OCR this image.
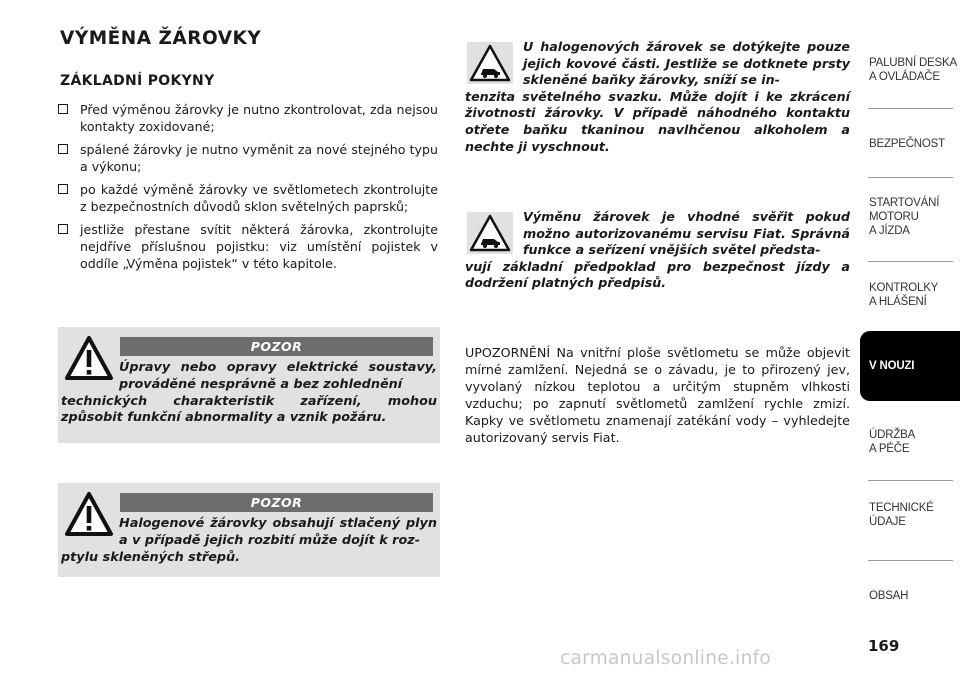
VÝMĚNA ŽÁROVKY
ZÁKLADNÍ POKYNY
Před výměnou žárovky je nutno zkontrolovat, zda nejsou kontakty zoxidované;
spálené žárovky je nutno vyměnit za nové stejného typu a výkonu;
po každé výměně žárovky ve světlometech zkontrolujte z bezpečnostních důvodů sklon světelných paprsků;
jestliže přestane svítit některá žárovka, zkontrolujte nejdříve příslušnou pojistku: viz umístění pojistek v oddíle „Výměna pojistek“ v této kapitole.
POZOR

Úpravy nebo opravy elektrické soustavy, prováděné nesprávně a bez zohlednění
technických charakteristik zařízení, mohou způsobit funkční abnormality a vznik požáru.

POZOR

Halogenové žárovky obsahují stlačený plyn a v případě jejich rozbití může dojít k roz-
ptylu skleněných střepů.

U halogenových žárovek se dotýkejte pouze jejich kovové části. Jestliže se dotknete prsty skleněné baňky žárovky, sníží se in-
tenzita světelného svazku. Může dojít i ke zkrácení životnosti žárovky. V případě náhodného kontaktu otřete baňku tkaninou navlhčenou alkoholem a nechte ji vyschnout.

Výměnu žárovek je vhodné svěřit pokud možno autorizovanému servisu Fiat. Správná funkce a seřízení vnějších světel předsta-
vují základní předpoklad pro bezpečnost jízdy a dodržení platných předpisů.

UPOZORNĚNÍ Na vnitřní ploše světlometu se může objevit mírné zamlžení. Nejedná se o závadu, je to přirozený jev, vyvolaný nízkou teplotou a určitým stupněm vlhkosti vzduchu; po zapnutí světlometů zamlžení rychle zmizí. Kapky ve světlometu znamenají zatékání vody – vyhledejte autorizovaný servis Fiat.

PALUBNÍ DESKA
A OVLÁDAČE
BEZPEČNOST
STARTOVÁNÍ
MOTORU
A JÍZDA
KONTROLKY
A HLÁŠENÍ
V NOUZI
ÚDRŽBA
A PÉČE
TECHNICKÉ
ÚDAJE
OBSAH
169
carmanualsonline.info
